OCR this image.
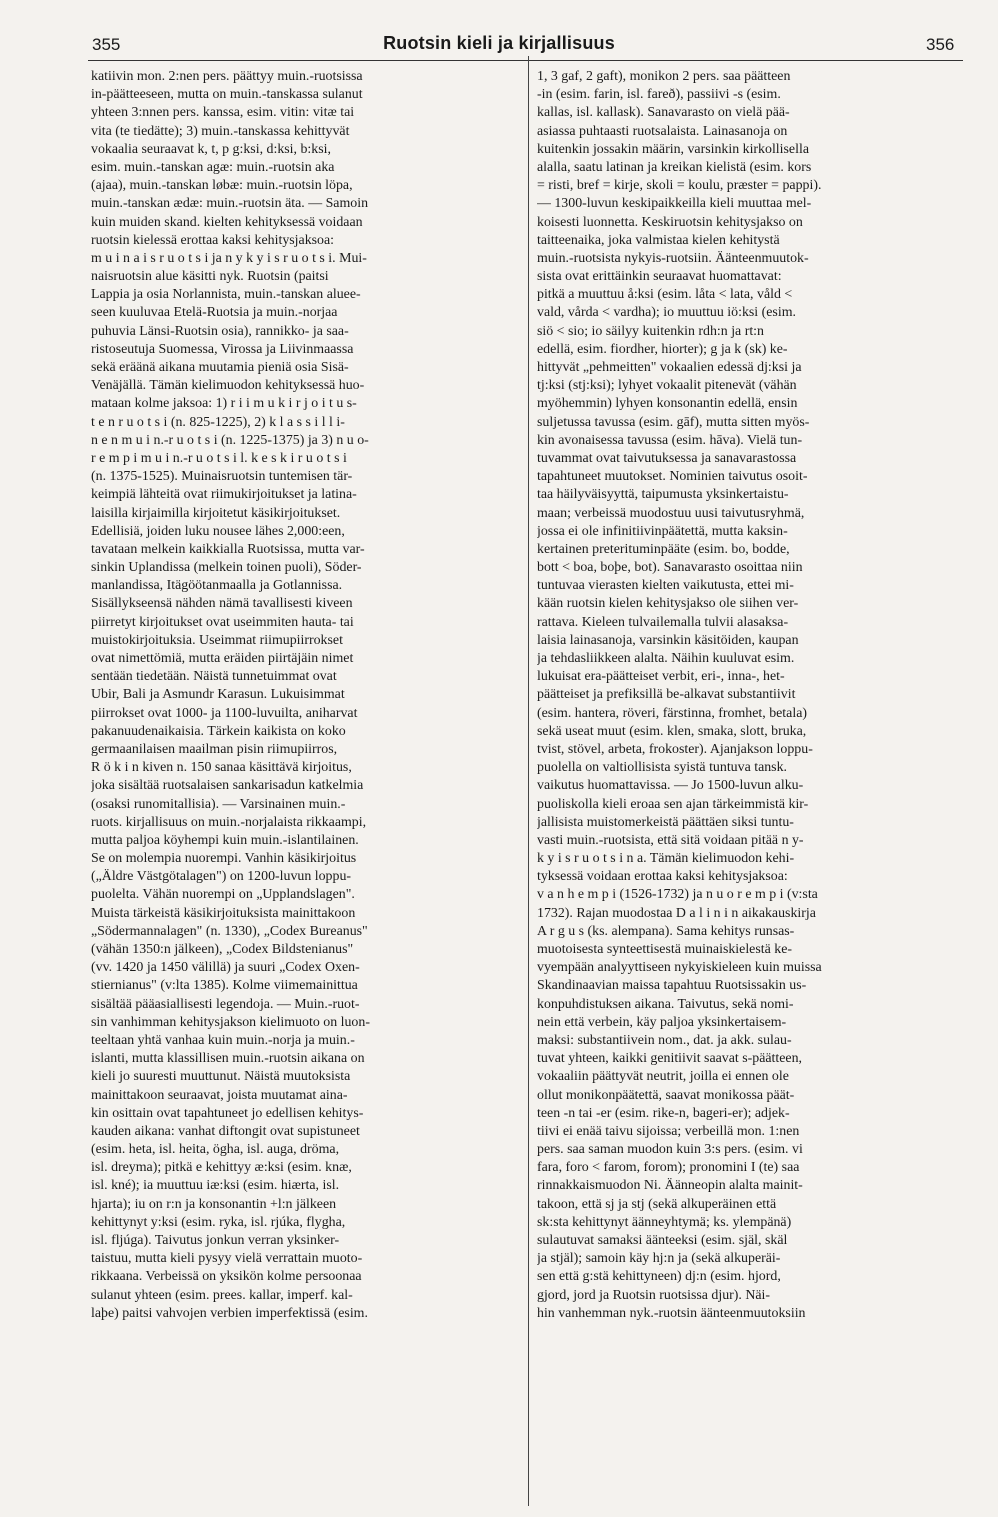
355	Ruotsin kieli ja kirjallisuus	356
katiivin mon. 2:nen pers. päättyy muin.-ruotsissa
in-päätteeseen, mutta on muin.-tanskassa sulanut
yhteen 3:nnen pers. kanssa, esim. vitin: vitæ tai
vita (te tiedätte); 3) muin.-tanskassa kehittyvät
vokaalia seuraavat k, t, p g:ksi, d:ksi, b:ksi,
esim. muin.-tanskan agæ: muin.-ruotsin aka
(ajaa), muin.-tanskan løbæ: muin.-ruotsin löpa,
muin.-tanskan ædæ: muin.-ruotsin äta. — Samoin
kuin muiden skand. kielten kehityksessä voidaan
ruotsin kielessä erottaa kaksi kehitysjaksoa:
m u i n a i s r u o t s i ja n y k y i s r u o t s i. Mui-
naisruotsin alue käsitti nyk. Ruotsin (paitsi
Lappia ja osia Norlannista, muin.-tanskan aluee-
seen kuuluvaa Etelä-Ruotsia ja muin.-norjaa
puhuvia Länsi-Ruotsin osia), rannikko- ja saa-
ristoseutuja Suomessa, Virossa ja Liivinmaassa
sekä eräänä aikana muutamia pieniä osia Sisä-
Venäjällä. Tämän kielimuodon kehityksessä huo-
mataan kolme jaksoa: 1) r i i m u k i r j o i t u s-
t e n r u o t s i (n. 825-1225), 2) k l a s s i l l i-
n e n m u i n.-r u o t s i (n. 1225-1375) ja 3) n u o-
r e m p i m u i n.-r u o t s i l. k e s k i r u o t s i
(n. 1375-1525). Muinaisruotsin tuntemisen tär-
keimpiä lähteitä ovat riimukirjoitukset ja latina-
laisilla kirjaimilla kirjoitetut käsikirjoitukset.
Edellisiä, joiden luku nousee lähes 2,000:een,
tavataan melkein kaikkialla Ruotsissa, mutta var-
sinkin Uplandissa (melkein toinen puoli), Söder-
manlandissa, Itägöötanmaalla ja Gotlannissa.
Sisällykseensä nähden nämä tavallisesti kiveen
piirretyt kirjoitukset ovat useimmiten hauta- tai
muistokirjoituksia. Useimmat riimupiirrokset
ovat nimettömiä, mutta eräiden piirtäjäin nimet
sentään tiedetään. Näistä tunnetuimmat ovat
Ubir, Bali ja Asmundr Karasun. Lukuisimmat
piirrokset ovat 1000- ja 1100-luvuilta, aniharvat
pakanuudenaikaisia. Tärkein kaikista on koko
germaanilaisen maailman pisin riimupiirros,
R ö k i n kiven n. 150 sanaa käsittävä kirjoitus,
joka sisältää ruotsalaisen sankarisadun katkelmia
(osaksi runomitallisia). — Varsinainen muin.-
ruots. kirjallisuus on muin.-norjalaista rikkaampi,
mutta paljoa köyhempi kuin muin.-islantilainen.
Se on molempia nuorempi. Vanhin käsikirjoitus
(„Äldre Västgötalagen") on 1200-luvun loppu-
puolelta. Vähän nuorempi on „Upplandslagen".
Muista tärkeistä käsikirjoituksista mainittakoon
„Södermannalagen" (n. 1330), „Codex Bureanus"
(vähän 1350:n jälkeen), „Codex Bildstenianus"
(vv. 1420 ja 1450 välillä) ja suuri „Codex Oxen-
stiernianus" (v:lta 1385). Kolme viimemainittua
sisältää pääasiallisesti legendoja. — Muin.-ruot-
sin vanhimman kehitysjakson kielimuoto on luon-
teeltaan yhtä vanhaa kuin muin.-norja ja muin.-
islanti, mutta klassillisen muin.-ruotsin aikana on
kieli jo suuresti muuttunut. Näistä muutoksista
mainittakoon seuraavat, joista muutamat aina-
kin osittain ovat tapahtuneet jo edellisen kehitys-
kauden aikana: vanhat diftongit ovat supistuneet
(esim. heta, isl. heita, ögha, isl. auga, dröma,
isl. dreyma); pitkä e kehittyy æ:ksi (esim. knæ,
isl. kné); ia muuttuu iæ:ksi (esim. hiærta, isl.
hjarta); iu on r:n ja konsonantin +l:n jälkeen
kehittynyt y:ksi (esim. ryka, isl. rjúka, flygha,
isl. fljúga). Taivutus jonkun verran yksinker-
taistuu, mutta kieli pysyy vielä verrattain muoto-
rikkaana. Verbeissä on yksikön kolme persoonaa
sulanut yhteen (esim. prees. kallar, imperf. kal-
laþe) paitsi vahvojen verbien imperfektissä (esim.
1, 3 gaf, 2 gaft), monikon 2 pers. saa päätteen
-in (esim. farin, isl. fareð), passiivi -s (esim.
kallas, isl. kallask). Sanavarasto on vielä pää-
asiassa puhtaasti ruotsalaista. Lainasanoja on
kuitenkin jossakin määrin, varsinkin kirkollisella
alalla, saatu latinan ja kreikan kielistä (esim. kors
= risti, bref = kirje, skoli = koulu, præster = pappi).
— 1300-luvun keskipaikkeilla kieli muuttaa mel-
koisesti luonnetta. Keskiruotsin kehitysjakso on
taitteenaika, joka valmistaa kielen kehitystä
muin.-ruotsista nykyis-ruotsiin. Äänteenmuutok-
sista ovat erittäinkin seuraavat huomattavat:
pitkä a muuttuu å:ksi (esim. låta < lata, våld <
vald, vårda < vardha); io muuttuu iö:ksi (esim.
siö < sio; io säilyy kuitenkin rdh:n ja rt:n
edellä, esim. fiordher, hiorter); g ja k (sk) ke-
hittyvät „pehmeitten" vokaalien edessä dj:ksi ja
tj:ksi (stj:ksi); lyhyet vokaalit pitenevät (vähän
myöhemmin) lyhyen konsonantin edellä, ensin
suljetussa tavussa (esim. gāf), mutta sitten myös-
kin avonaisessa tavussa (esim. hāva). Vielä tun-
tuvammat ovat taivutuksessa ja sanavarastossa
tapahtuneet muutokset. Nominien taivutus osoit-
taa häilyväisyyttä, taipumusta yksinkertaistu-
maan; verbeissä muodostuu uusi taivutusryhmä,
jossa ei ole infinitiivinpäätettä, mutta kaksin-
kertainen preterituminpääte (esim. bo, bodde,
bott < boa, boþe, bot). Sanavarasto osoittaa niin
tuntuvaa vierasten kielten vaikutusta, ettei mi-
kään ruotsin kielen kehitysjakso ole siihen ver-
rattava. Kieleen tulvailemalla tulvii alasaksa-
laisia lainasanoja, varsinkin käsitöiden, kaupan
ja tehdasliikkeen alalta. Näihin kuuluvat esim.
lukuisat era-päätteiset verbit, eri-, inna-, het-
päätteiset ja prefiksillä be-alkavat substantiivit
(esim. hantera, röveri, färstinna, fromhet, betala)
sekä useat muut (esim. klen, smaka, slott, bruka,
tvist, stövel, arbeta, frokoster). Ajanjakson loppu-
puolella on valtiollisista syistä tuntuva tansk.
vaikutus huomattavissa. — Jo 1500-luvun alku-
puoliskolla kieli eroaa sen ajan tärkeimmistä kir-
jallisista muistomerkeistä päättäen siksi tuntu-
vasti muin.-ruotsista, että sitä voidaan pitää n y-
k y i s r u o t s i n a. Tämän kielimuodon kehi-
tyksessä voidaan erottaa kaksi kehitysjaksoa:
v a n h e m p i (1526-1732) ja n u o r e m p i (v:sta
1732). Rajan muodostaa D a l i n i n aikakauskirja
A r g u s (ks. alempana). Sama kehitys runsas-
muotoisesta synteettisestä muinaiskielestä ke-
vyempään analyyttiseen nykyiskieleen kuin muissa
Skandinaavian maissa tapahtuu Ruotsissakin us-
konpuhdistuksen aikana. Taivutus, sekä nomi-
nein että verbein, käy paljoa yksinkertaisem-
maksi: substantiivein nom., dat. ja akk. sulau-
tuvat yhteen, kaikki genitiivit saavat s-päätteen,
vokaaliin päättyvät neutrit, joilla ei ennen ole
ollut monikonpäätettä, saavat monikossa päät-
teen -n tai -er (esim. rike-n, bageri-er); adjek-
tiivi ei enää taivu sijoissa; verbeillä mon. 1:nen
pers. saa saman muodon kuin 3:s pers. (esim. vi
fara, foro < farom, forom); pronomini I (te) saa
rinnakkaismuodon Ni. Äänneopin alalta mainit-
takoon, että sj ja stj (sekä alkuperäinen että
sk:sta kehittynyt äänneyhtymä; ks. ylempänä)
sulautuvat samaksi äänteeksi (esim. själ, skäl
ja stjäl); samoin käy hj:n ja (sekä alkuperäi-
sen että g:stä kehittyneen) dj:n (esim. hjord,
gjord, jord ja Ruotsin ruotsissa djur). Näi-
hin vanhemman nyk.-ruotsin äänteenmuutoksiin
